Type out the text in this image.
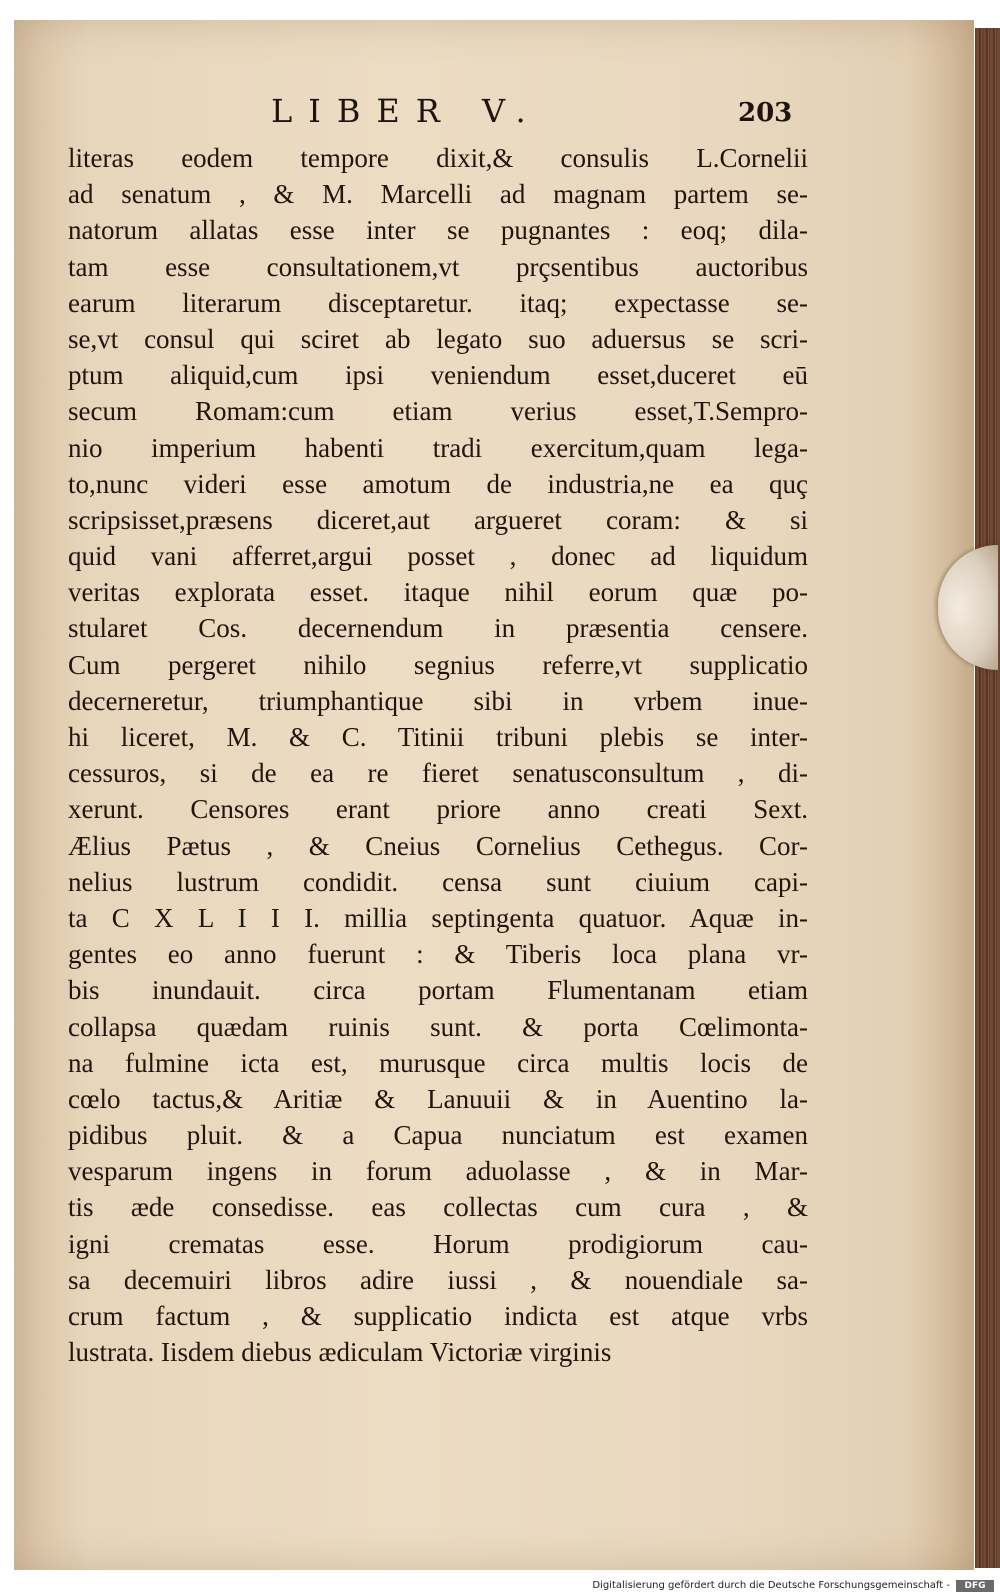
LIBER V.	203
literas eodem tempore dixit,& consulis L.Cornelii
ad senatum , & M. Marcelli ad magnam partem se-
natorum allatas esse inter se pugnantes : eoq; dila-
tam esse consultationem,vt prçsentibus auctoribus
earum literarum disceptaretur. itaq; expectasse se-
se,vt consul qui sciret ab legato suo aduersus se scri-
ptum aliquid,cum ipsi veniendum esset,duceret eū
secum Romam:cum etiam verius esset,T.Sempro-
nio imperium habenti tradi exercitum,quam lega-
to,nunc videri esse amotum de industria,ne ea quç
scripsisset,præsens diceret,aut argueret coram: & si
quid vani afferret,argui posset , donec ad liquidum
veritas explorata esset. itaque nihil eorum quæ po-
stularet Cos. decernendum in præsentia censere.
Cum pergeret nihilo segnius referre,vt supplicatio
decerneretur, triumphantique sibi in vrbem inue-
hi liceret, M. & C. Titinii tribuni plebis se inter-
cessuros, si de ea re fieret senatusconsultum , di-
xerunt. Censores erant priore anno creati Sext.
Ælius Pætus , & Cneius Cornelius Cethegus. Cor-
nelius lustrum condidit. censa sunt ciuium capi-
ta C X L I I I. millia septingenta quatuor. Aquæ in-
gentes eo anno fuerunt : & Tiberis loca plana vr-
bis inundauit. circa portam Flumentanam etiam
collapsa quædam ruinis sunt. & porta Cœlimonta-
na fulmine icta est, murusque circa multis locis de
cœlo tactus,& Aritiæ & Lanuuii & in Auentino la-
pidibus pluit. & a Capua nunciatum est examen
vesparum ingens in forum aduolasse , & in Mar-
tis æde consedisse. eas collectas cum cura , &
igni crematas esse. Horum prodigiorum cau-
sa decemuiri libros adire iussi , & nouendiale sa-
crum factum , & supplicatio indicta est atque vrbs
lustrata. Iisdem diebus ædiculam Victoriæ virginis
Digitalisierung gefördert durch die Deutsche Forschungsgemeinschaft -	DFG
